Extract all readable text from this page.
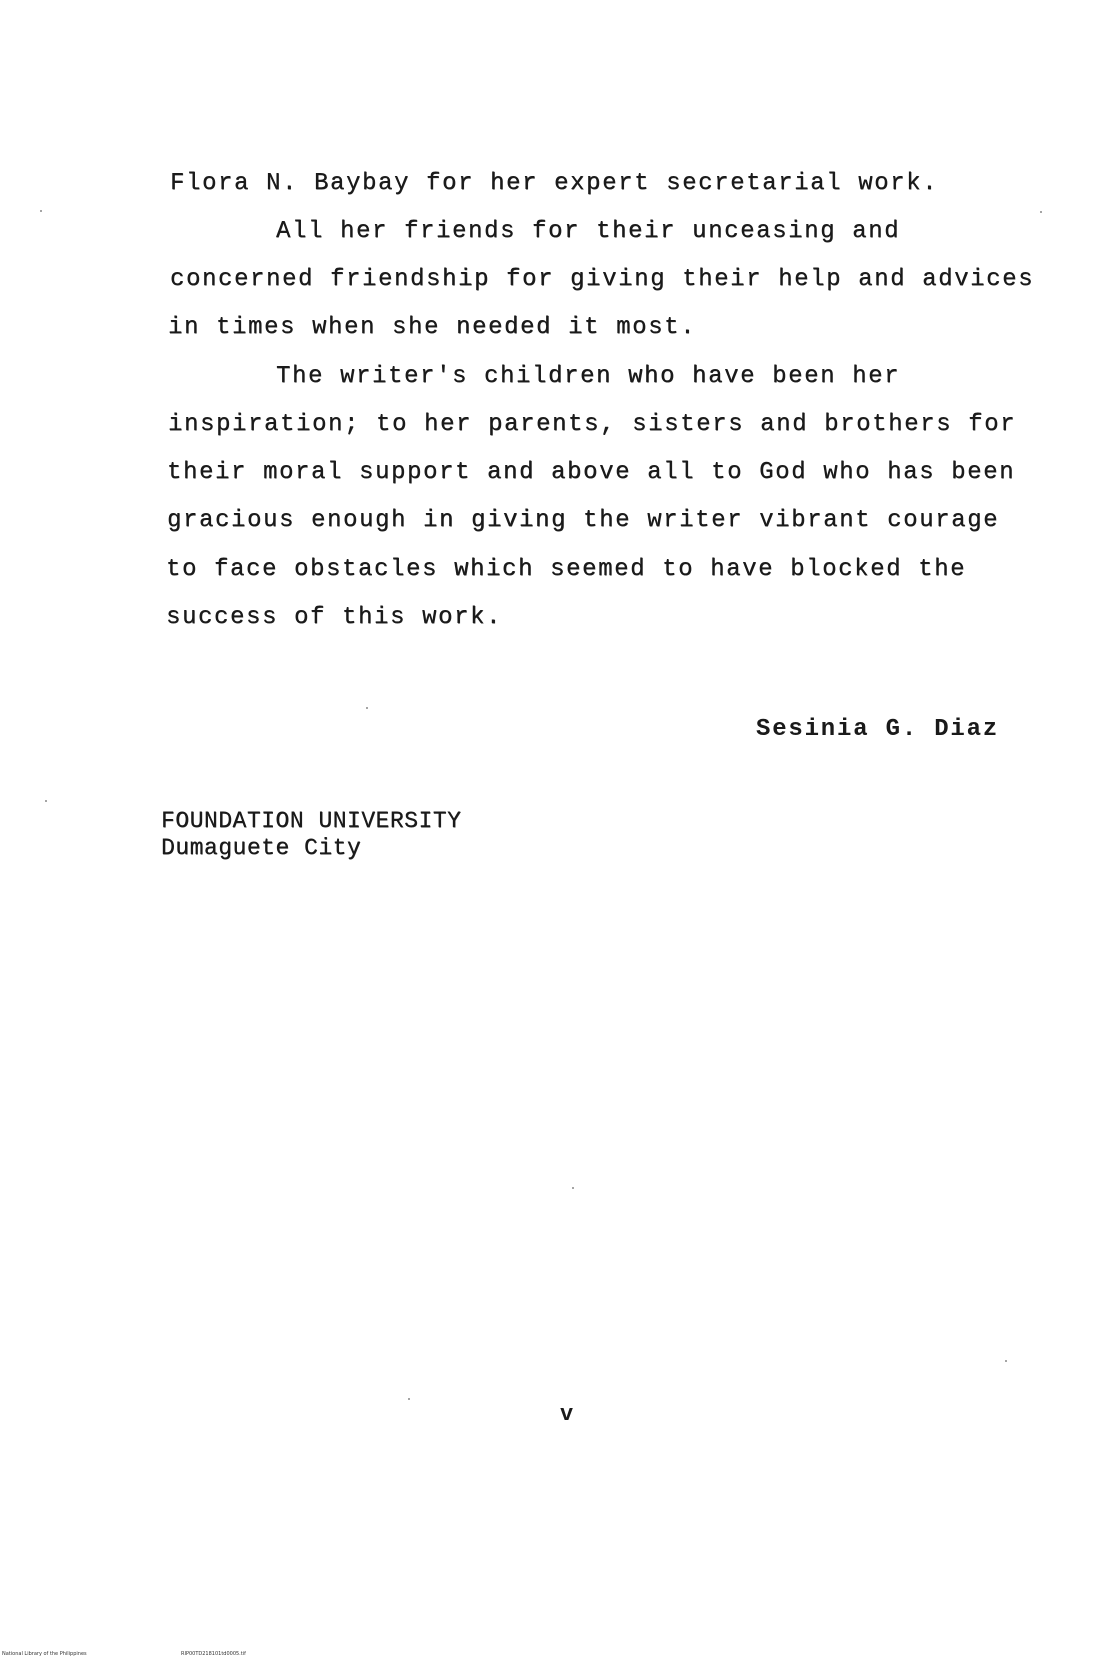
Flora N. Baybay for her expert secretarial work.
All her friends for their unceasing and
concerned friendship for giving their help and advices
in times when she needed it most.
The writer's children who have been her
inspiration; to her parents, sisters and brothers for
their moral support and above all to God who has been
gracious enough in giving the writer vibrant courage
to face obstacles which seemed to have blocked the
success of this work.
Sesinia G. Diaz
FOUNDATION UNIVERSITY
Dumaguete City
v
National Library of the Philippines	RIP00TD218101td0005.tif
